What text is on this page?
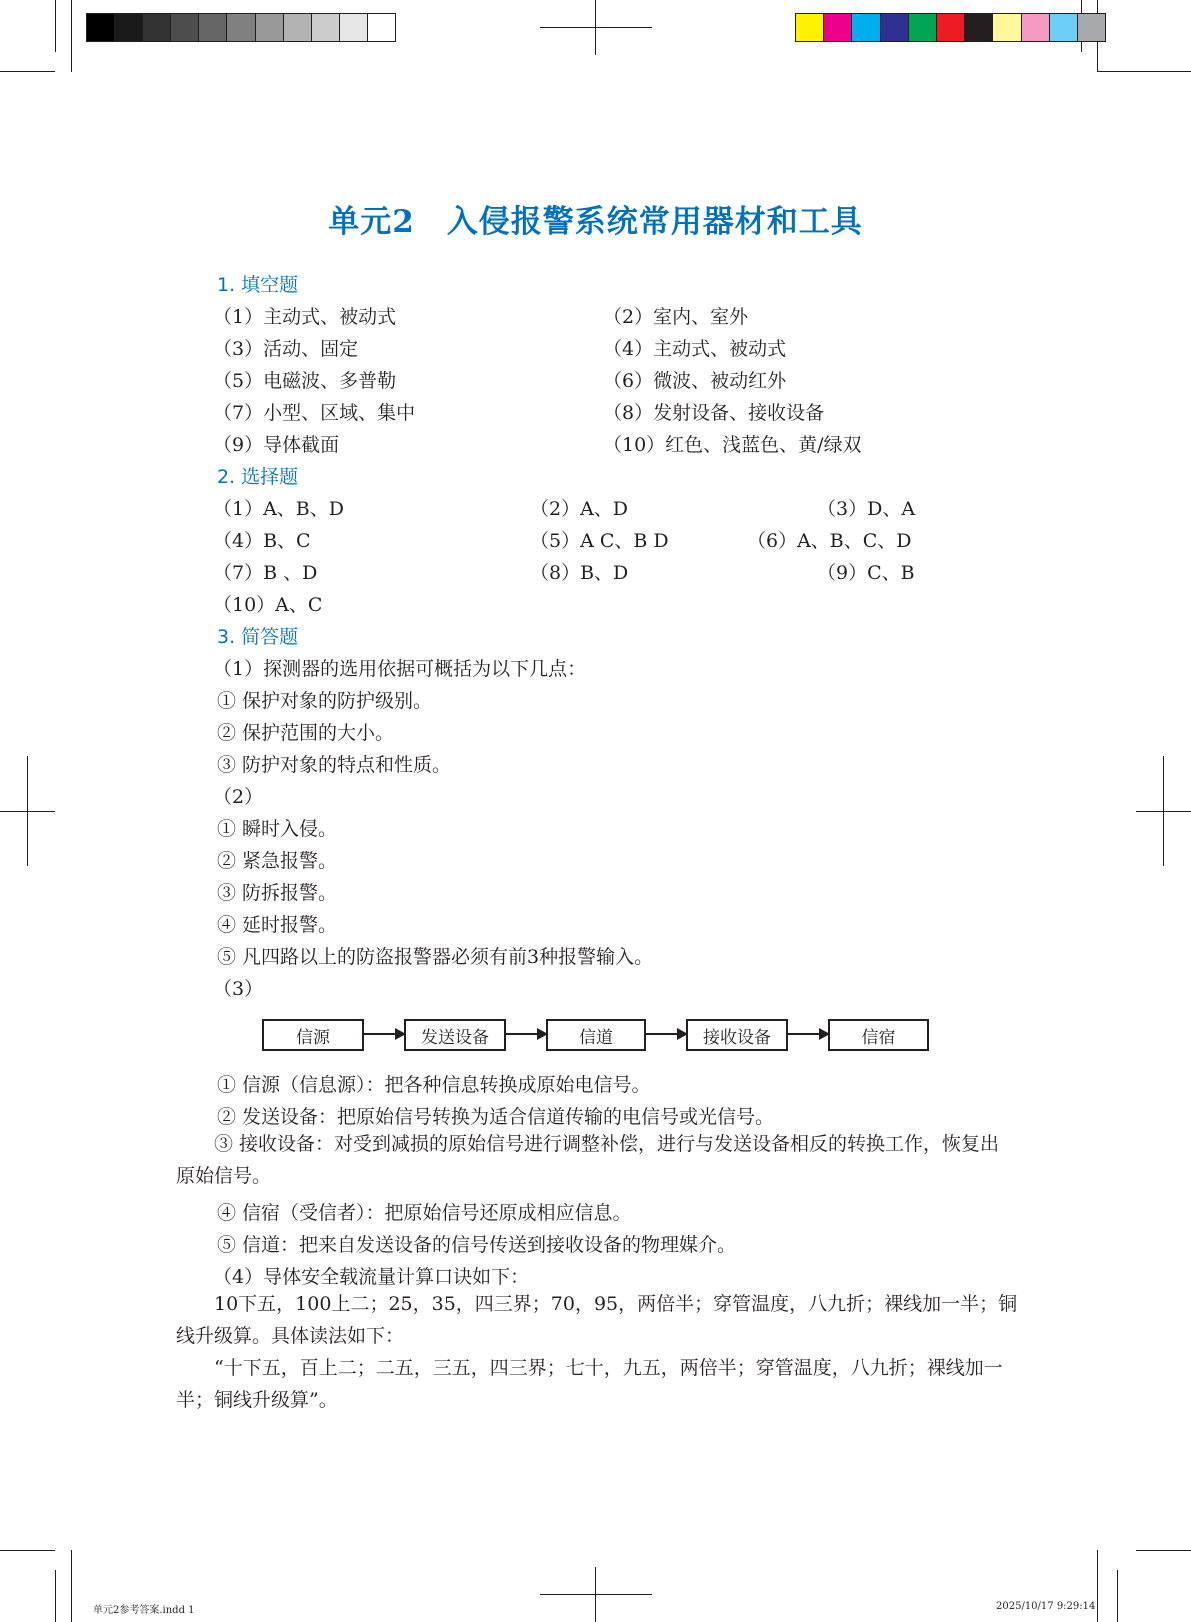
单元2　入侵报警系统常用器材和工具
1. 填空题
（1）主动式、被动式	（2）室内、室外
（3）活动、固定	（4）主动式、被动式
（5）电磁波、多普勒	（6）微波、被动红外
（7）小型、区域、集中	（8）发射设备、接收设备
（9）导体截面	（10）红色、浅蓝色、黄/绿双
2. 选择题
（1）A、B、D	（2）A、D	（3）D、A
（4）B、C	（5）A C、B D	（6）A、B、C、D
（7）B 、D	（8）B、D	（9）C、B
（10）A、C
3. 简答题
（1）探测器的选用依据可概括为以下几点：
① 保护对象的防护级别。
② 保护范围的大小。
③ 防护对象的特点和性质。
（2）
① 瞬时入侵。
② 紧急报警。
③ 防拆报警。
④ 延时报警。
⑤ 凡四路以上的防盗报警器必须有前3种报警输入。
（3）
信源	发送设备	信道	接收设备	信宿
① 信源（信息源）：把各种信息转换成原始电信号。
② 发送设备：把原始信号转换为适合信道传输的电信号或光信号。
③ 接收设备：对受到减损的原始信号进行调整补偿，进行与发送设备相反的转换工作，恢复出原始信号。
④ 信宿（受信者）：把原始信号还原成相应信息。
⑤ 信道：把来自发送设备的信号传送到接收设备的物理媒介。
（4）导体安全载流量计算口诀如下：
10下五，100上二；25，35，四三界；70，95，两倍半；穿管温度，八九折；裸线加一半；铜线升级算。具体读法如下：
“十下五，百上二；二五，三五，四三界；七十，九五，两倍半；穿管温度，八九折；裸线加一半；铜线升级算”。
单元2参考答案.indd 1	2025/10/17 9:29:14
